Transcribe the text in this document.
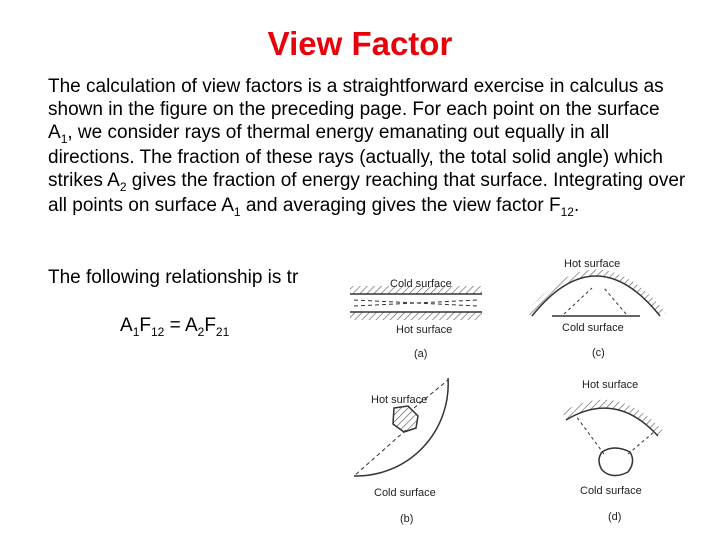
View Factor

The calculation of view factors is a straightforward exercise in calculus as shown in the figure on the preceding page. For each point on the surface $A_1$, we consider rays of thermal energy emanating out equally in all directions. The fraction of these rays (actually, the total solid angle) which strikes $A_2$ gives the fraction of energy reaching that surface. Integrating over all points on surface $A_1$ and averaging gives the view factor $F_{12}$.

The following relationship is tr
$A_1F_{12} = A_2F_{21}$
Cold surface
Hot surface
(a)
Hot surface
Cold surface
(c)
Hot surface
Cold surface
(b)
Hot surface
Cold surface
(d)
